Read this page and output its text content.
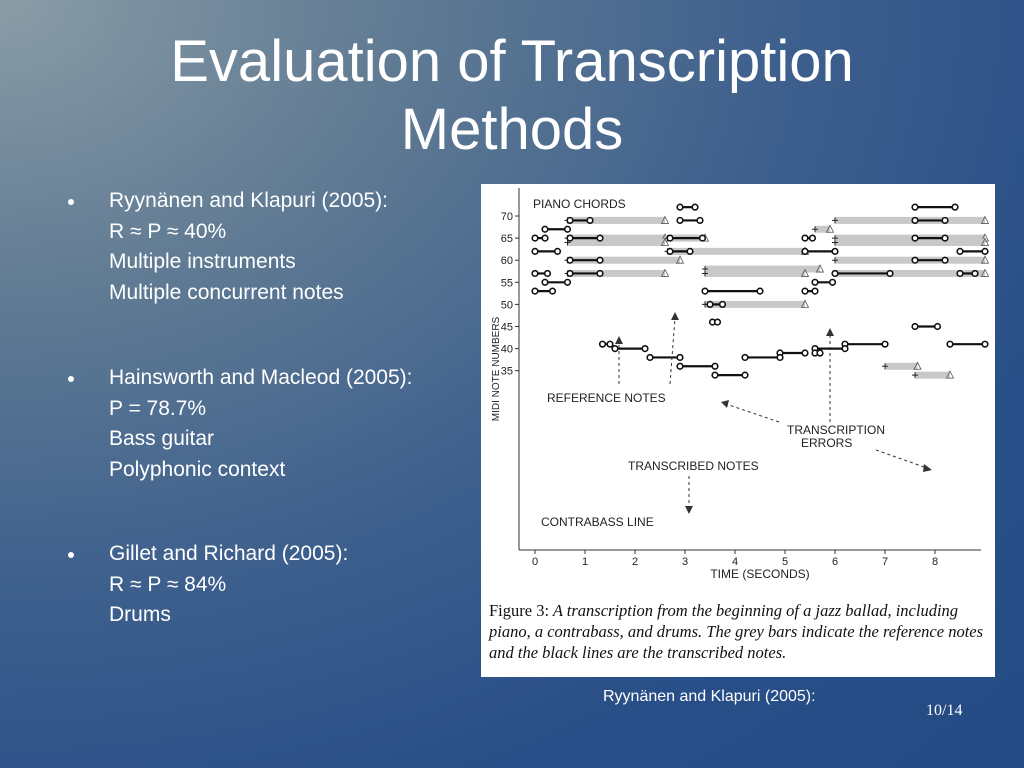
Evaluation of Transcription
Methods
Ryynänen and Klapuri (2005):
R ≈ P ≈ 40%
Multiple instruments
Multiple concurrent notes
Hainsworth and Macleod (2005):
P = 78.7%
Bass guitar
Polyphonic context
Gillet and Richard (2005):
R ≈ P ≈ 84%
Drums
0	1	2	3	4	5	6	7	8
35
40
45
50
55
60
65
70
TIME (SECONDS)
MIDI NOTE NUMBERS
PIANO CHORDS
REFERENCE NOTES
TRANSCRIPTION
ERRORS
TRANSCRIBED NOTES
CONTRABASS LINE
Figure 3: A transcription from the beginning of a jazz ballad, including piano, a contrabass, and drums. The grey bars indicate the reference notes and the black lines are the transcribed notes.
Ryynänen and Klapuri (2005):
10/14
